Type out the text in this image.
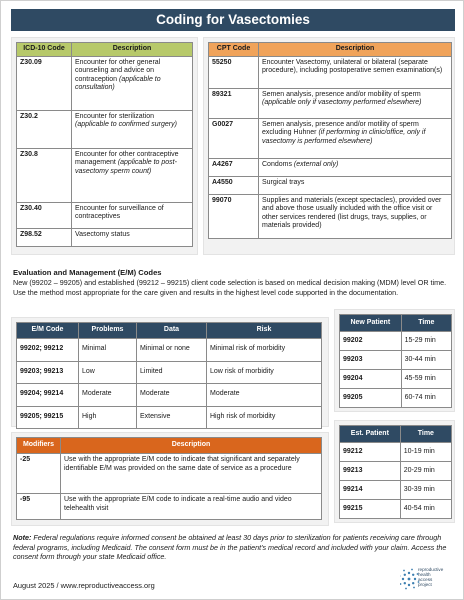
Coding for Vasectomies
ICD-10 Code	Description
Z30.09	Encounter for other general counseling and advice on contraception (applicable to consultation)
Z30.2	Encounter for sterilization (applicable to confirmed surgery)
Z30.8	Encounter for other contraceptive management (applicable to post-vasectomy sperm count)
Z30.40	Encounter for surveillance of contraceptives
Z98.52	Vasectomy status
CPT Code	Description
55250	Encounter Vasectomy, unilateral or bilateral (separate procedure), including postoperative semen examination(s)
89321	Semen analysis, presence and/or mobility of sperm (applicable only if vasectomy performed elsewhere)
G0027	Semen analysis, presence and/or motility of sperm excluding Huhner (if performing in clinic/office, only if vasectomy is performed elsewhere)
A4267	Condoms (external only)
A4550	Surgical trays
99070	Supplies and materials (except spectacles), provided over and above those usually included with the office visit or other services rendered (list drugs, trays, supplies, or materials provided)
Evaluation and Management (E/M) Codes
New (99202 – 99205) and established (99212 – 99215) client code selection is based on medical decision making (MDM) level OR time. Use the method most appropriate for the care given and results in the highest level code supported in the documentation.
E/M Code	Problems	Data	Risk
99202; 99212	Minimal	Minimal or none	Minimal risk of morbidity
99203; 99213	Low	Limited	Low risk of morbidity
99204; 99214	Moderate	Moderate	Moderate
99205; 99215	High	Extensive	High risk of morbidity
New Patient	Time
99202	15-29 min
99203	30-44 min
99204	45-59 min
99205	60-74 min
Est. Patient	Time
99212	10-19 min
99213	20-29 min
99214	30-39 min
99215	40-54 min
Modifiers	Description
-25	Use with the appropriate E/M code to indicate that significant and separately identifiable E/M was provided on the same date of service as a procedure
-95	Use with the appropriate E/M code to indicate a real-time audio and video telehealth visit
Note: Federal regulations require informed consent be obtained at least 30 days prior to sterilization for patients receiving care through federal programs, including Medicaid. The consent form must be in the patient's medical record and included with your claim. Access the consent form through your state Medicaid office.
August 2025 / www.reproductiveaccess.org
reproductive
health
access
project
